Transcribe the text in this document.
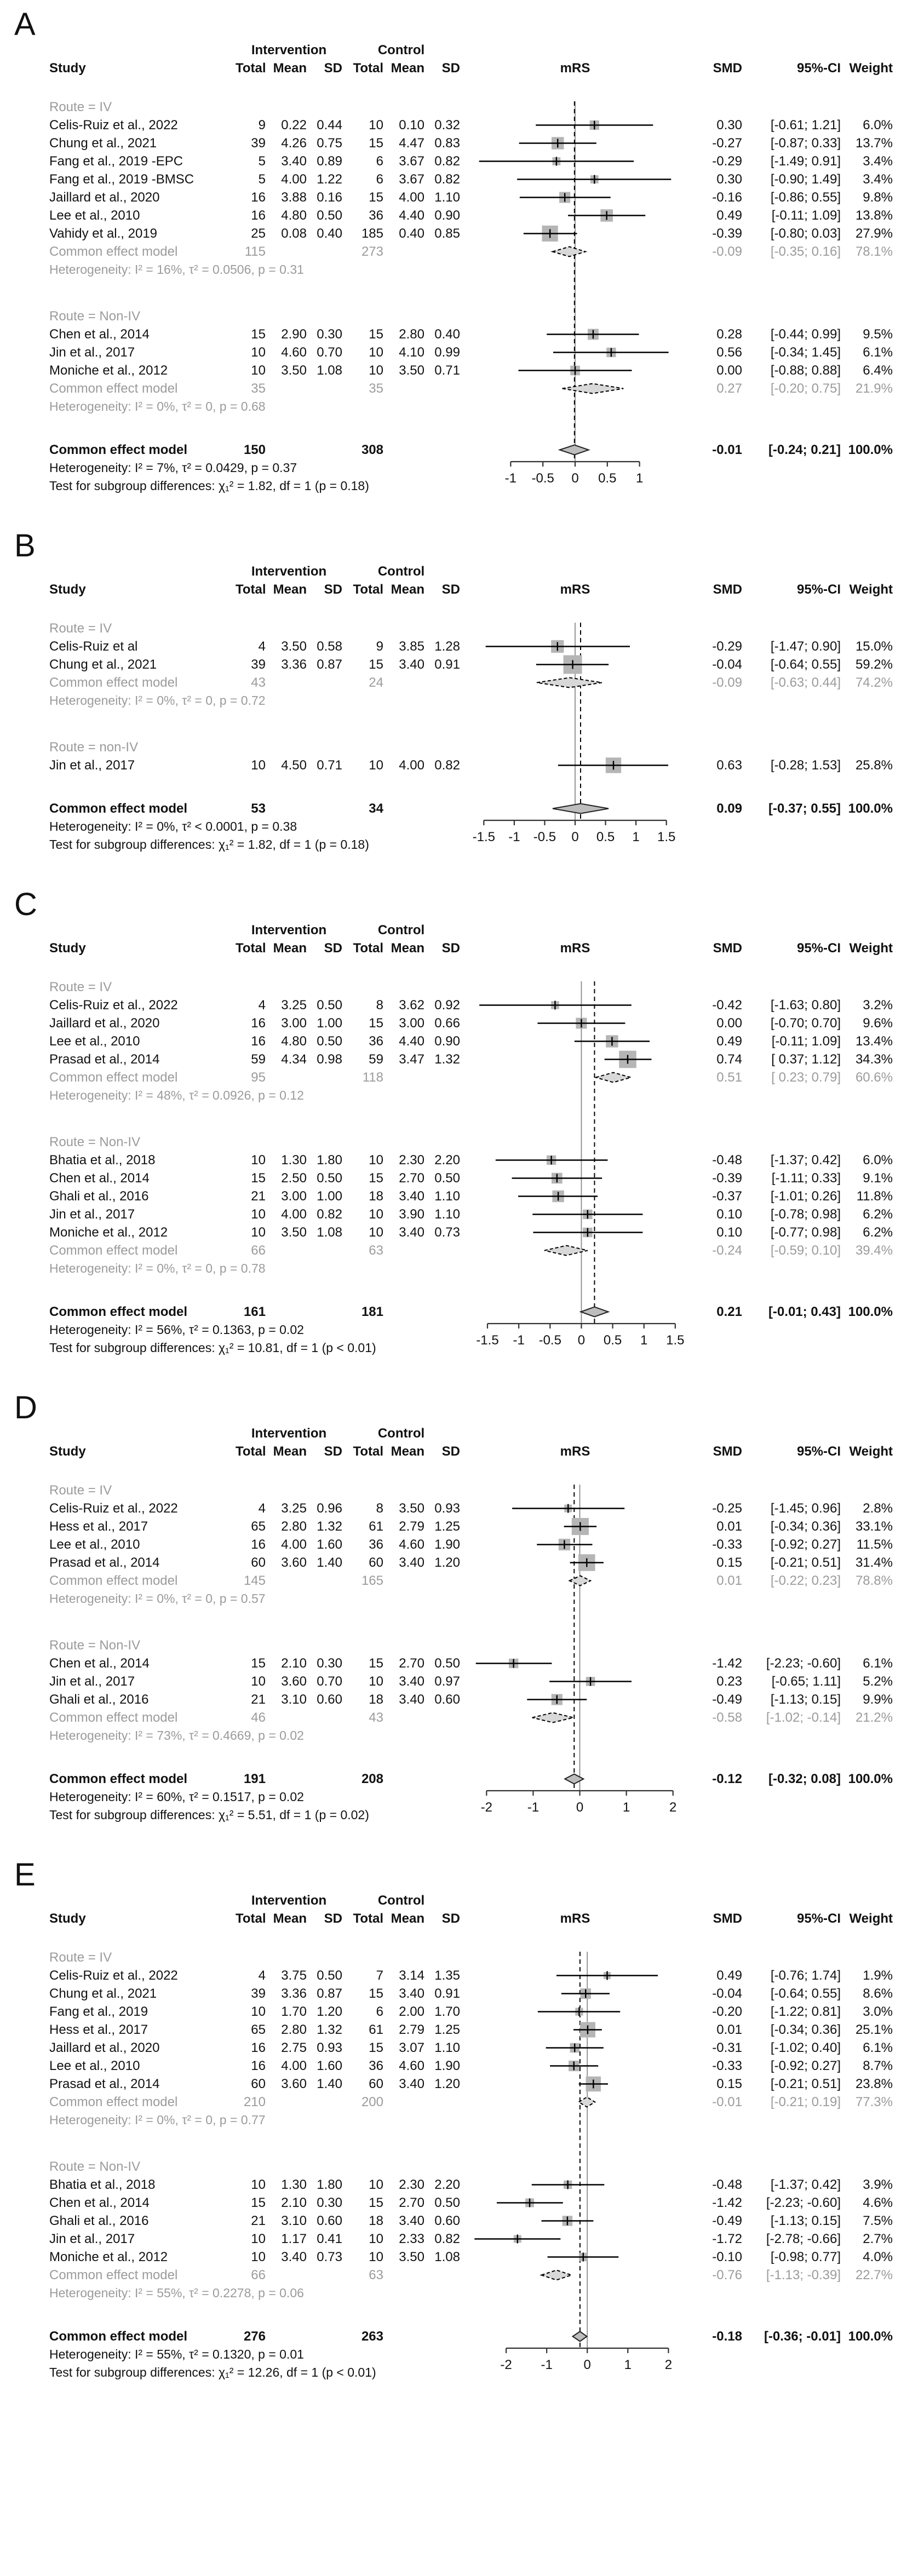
A
Intervention	Control
Study	Total Mean	SD Total Mean	SD	mRS	SMD	95%-CI Weight
Route = IV
Celis-Ruiz et al., 2022	9	0.22 0.44	10	0.10 0.32	0.30	[-0.61; 1.21]	6.0%
Chung et al., 2021	39	4.26 0.75	15	4.47 0.83	-0.27	[-0.87; 0.33]	13.7%
Fang et al., 2019 -EPC	5	3.40 0.89	6	3.67 0.82	-0.29	[-1.49; 0.91]	3.4%
Fang et al., 2019 -BMSC	5	4.00 1.22	6	3.67 0.82	0.30	[-0.90; 1.49]	3.4%
Jaillard et al., 2020	16	3.88 0.16	15	4.00 1.10	-0.16	[-0.86; 0.55]	9.8%
Lee et al., 2010	16	4.80 0.50	36	4.40 0.90	0.49	[-0.11; 1.09]	13.8%
Vahidy et al., 2019	25	0.08 0.40	185	0.40 0.85	-0.39	[-0.80; 0.03]	27.9%
Common effect model	115	273	-0.09	[-0.35; 0.16]	78.1%
Heterogeneity: I² = 16%, τ² = 0.0506, p = 0.31
Route = Non-IV
Chen et al., 2014	15	2.90 0.30	15	2.80 0.40	0.28	[-0.44; 0.99]	9.5%
Jin et al., 2017	10	4.60 0.70	10	4.10 0.99	0.56	[-0.34; 1.45]	6.1%
Moniche et al., 2012	10	3.50 1.08	10	3.50 0.71	0.00	[-0.88; 0.88]	6.4%
Common effect model	35	35	0.27	[-0.20; 0.75]	21.9%
Heterogeneity: I² = 0%, τ² = 0, p = 0.68
Common effect model	150	308	-0.01	[-0.24; 0.21] 100.0%
Heterogeneity: I² = 7%, τ² = 0.0429, p = 0.37
Test for subgroup differences: χ₁² = 1.82, df = 1 (p = 0.18)	-1 -0.5 0 0.5 1
B
Intervention	Control
Study	Total Mean	SD Total Mean	SD	mRS	SMD	95%-CI Weight
Route = IV
Celis-Ruiz et al	4	3.50 0.58	9	3.85 1.28	-0.29	[-1.47; 0.90]	15.0%
Chung et al., 2021	39	3.36 0.87	15	3.40 0.91	-0.04	[-0.64; 0.55]	59.2%
Common effect model	43	24	-0.09	[-0.63; 0.44]	74.2%
Heterogeneity: I² = 0%, τ² = 0, p = 0.72
Route = non-IV
Jin et al., 2017	10	4.50 0.71	10	4.00 0.82	0.63	[-0.28; 1.53]	25.8%
Common effect model	53	34	0.09	[-0.37; 0.55] 100.0%
Heterogeneity: I² = 0%, τ² < 0.0001, p = 0.38
Test for subgroup differences: χ₁² = 1.82, df = 1 (p = 0.18)	-1.5 -1 -0.5 0 0.5 1 1.5
C
Intervention	Control
Study	Total Mean	SD Total Mean	SD	mRS	SMD	95%-CI Weight
Route = IV
Celis-Ruiz et al., 2022	4	3.25 0.50	8	3.62 0.92	-0.42	[-1.63; 0.80]	3.2%
Jaillard et al., 2020	16	3.00 1.00	15	3.00 0.66	0.00	[-0.70; 0.70]	9.6%
Lee et al., 2010	16	4.80 0.50	36	4.40 0.90	0.49	[-0.11; 1.09]	13.4%
Prasad et al., 2014	59	4.34 0.98	59	3.47 1.32	0.74	[ 0.37; 1.12]	34.3%
Common effect model	95	118	0.51	[ 0.23; 0.79]	60.6%
Heterogeneity: I² = 48%, τ² = 0.0926, p = 0.12
Route = Non-IV
Bhatia et al., 2018	10	1.30 1.80	10	2.30 2.20	-0.48	[-1.37; 0.42]	6.0%
Chen et al., 2014	15	2.50 0.50	15	2.70 0.50	-0.39	[-1.11; 0.33]	9.1%
Ghali et al., 2016	21	3.00 1.00	18	3.40 1.10	-0.37	[-1.01; 0.26]	11.8%
Jin et al., 2017	10	4.00 0.82	10	3.90 1.10	0.10	[-0.78; 0.98]	6.2%
Moniche et al., 2012	10	3.50 1.08	10	3.40 0.73	0.10	[-0.77; 0.98]	6.2%
Common effect model	66	63	-0.24	[-0.59; 0.10]	39.4%
Heterogeneity: I² = 0%, τ² = 0, p = 0.78
Common effect model	161	181	0.21	[-0.01; 0.43] 100.0%
Heterogeneity: I² = 56%, τ² = 0.1363, p = 0.02
Test for subgroup differences: χ₁² = 10.81, df = 1 (p < 0.01)	-1.5 -1 -0.5 0 0.5 1 1.5
D
Intervention	Control
Study	Total Mean	SD Total Mean	SD	mRS	SMD	95%-CI Weight
Route = IV
Celis-Ruiz et al., 2022	4	3.25 0.96	8	3.50 0.93	-0.25	[-1.45; 0.96]	2.8%
Hess et al., 2017	65	2.80 1.32	61	2.79 1.25	0.01	[-0.34; 0.36]	33.1%
Lee et al., 2010	16	4.00 1.60	36	4.60 1.90	-0.33	[-0.92; 0.27]	11.5%
Prasad et al., 2014	60	3.60 1.40	60	3.40 1.20	0.15	[-0.21; 0.51]	31.4%
Common effect model	145	165	0.01	[-0.22; 0.23]	78.8%
Heterogeneity: I² = 0%, τ² = 0, p = 0.57
Route = Non-IV
Chen et al., 2014	15	2.10 0.30	15	2.70 0.50	-1.42	[-2.23; -0.60]	6.1%
Jin et al., 2017	10	3.60 0.70	10	3.40 0.97	0.23	[-0.65; 1.11]	5.2%
Ghali et al., 2016	21	3.10 0.60	18	3.40 0.60	-0.49	[-1.13; 0.15]	9.9%
Common effect model	46	43	-0.58	[-1.02; -0.14]	21.2%
Heterogeneity: I² = 73%, τ² = 0.4669, p = 0.02
Common effect model	191	208	-0.12	[-0.32; 0.08] 100.0%
Heterogeneity: I² = 60%, τ² = 0.1517, p = 0.02
Test for subgroup differences: χ₁² = 5.51, df = 1 (p = 0.02)	-2	-1	0	1	2
E
Intervention	Control
Study	Total Mean	SD Total Mean	SD	mRS	SMD	95%-CI Weight
Route = IV
Celis-Ruiz et al., 2022	4	3.75 0.50	7	3.14 1.35	0.49	[-0.76; 1.74]	1.9%
Chung et al., 2021	39	3.36 0.87	15	3.40 0.91	-0.04	[-0.64; 0.55]	8.6%
Fang et al., 2019	10	1.70 1.20	6	2.00 1.70	-0.20	[-1.22; 0.81]	3.0%
Hess et al., 2017	65	2.80 1.32	61	2.79 1.25	0.01	[-0.34; 0.36]	25.1%
Jaillard et al., 2020	16	2.75 0.93	15	3.07 1.10	-0.31	[-1.02; 0.40]	6.1%
Lee et al., 2010	16	4.00 1.60	36	4.60 1.90	-0.33	[-0.92; 0.27]	8.7%
Prasad et al., 2014	60	3.60 1.40	60	3.40 1.20	0.15	[-0.21; 0.51]	23.8%
Common effect model	210	200	-0.01	[-0.21; 0.19]	77.3%
Heterogeneity: I² = 0%, τ² = 0, p = 0.77
Route = Non-IV
Bhatia et al., 2018	10	1.30 1.80	10	2.30 2.20	-0.48	[-1.37; 0.42]	3.9%
Chen et al., 2014	15	2.10 0.30	15	2.70 0.50	-1.42	[-2.23; -0.60]	4.6%
Ghali et al., 2016	21	3.10 0.60	18	3.40 0.60	-0.49	[-1.13; 0.15]	7.5%
Jin et al., 2017	10	1.17 0.41	10	2.33 0.82	-1.72	[-2.78; -0.66]	2.7%
Moniche et al., 2012	10	3.40 0.73	10	3.50 1.08	-0.10	[-0.98; 0.77]	4.0%
Common effect model	66	63	-0.76	[-1.13; -0.39]	22.7%
Heterogeneity: I² = 55%, τ² = 0.2278, p = 0.06
Common effect model	276	263	-0.18	[-0.36; -0.01] 100.0%
Heterogeneity: I² = 55%, τ² = 0.1320, p = 0.01
Test for subgroup differences: χ₁² = 12.26, df = 1 (p < 0.01)	-2 -1 0	1	2
